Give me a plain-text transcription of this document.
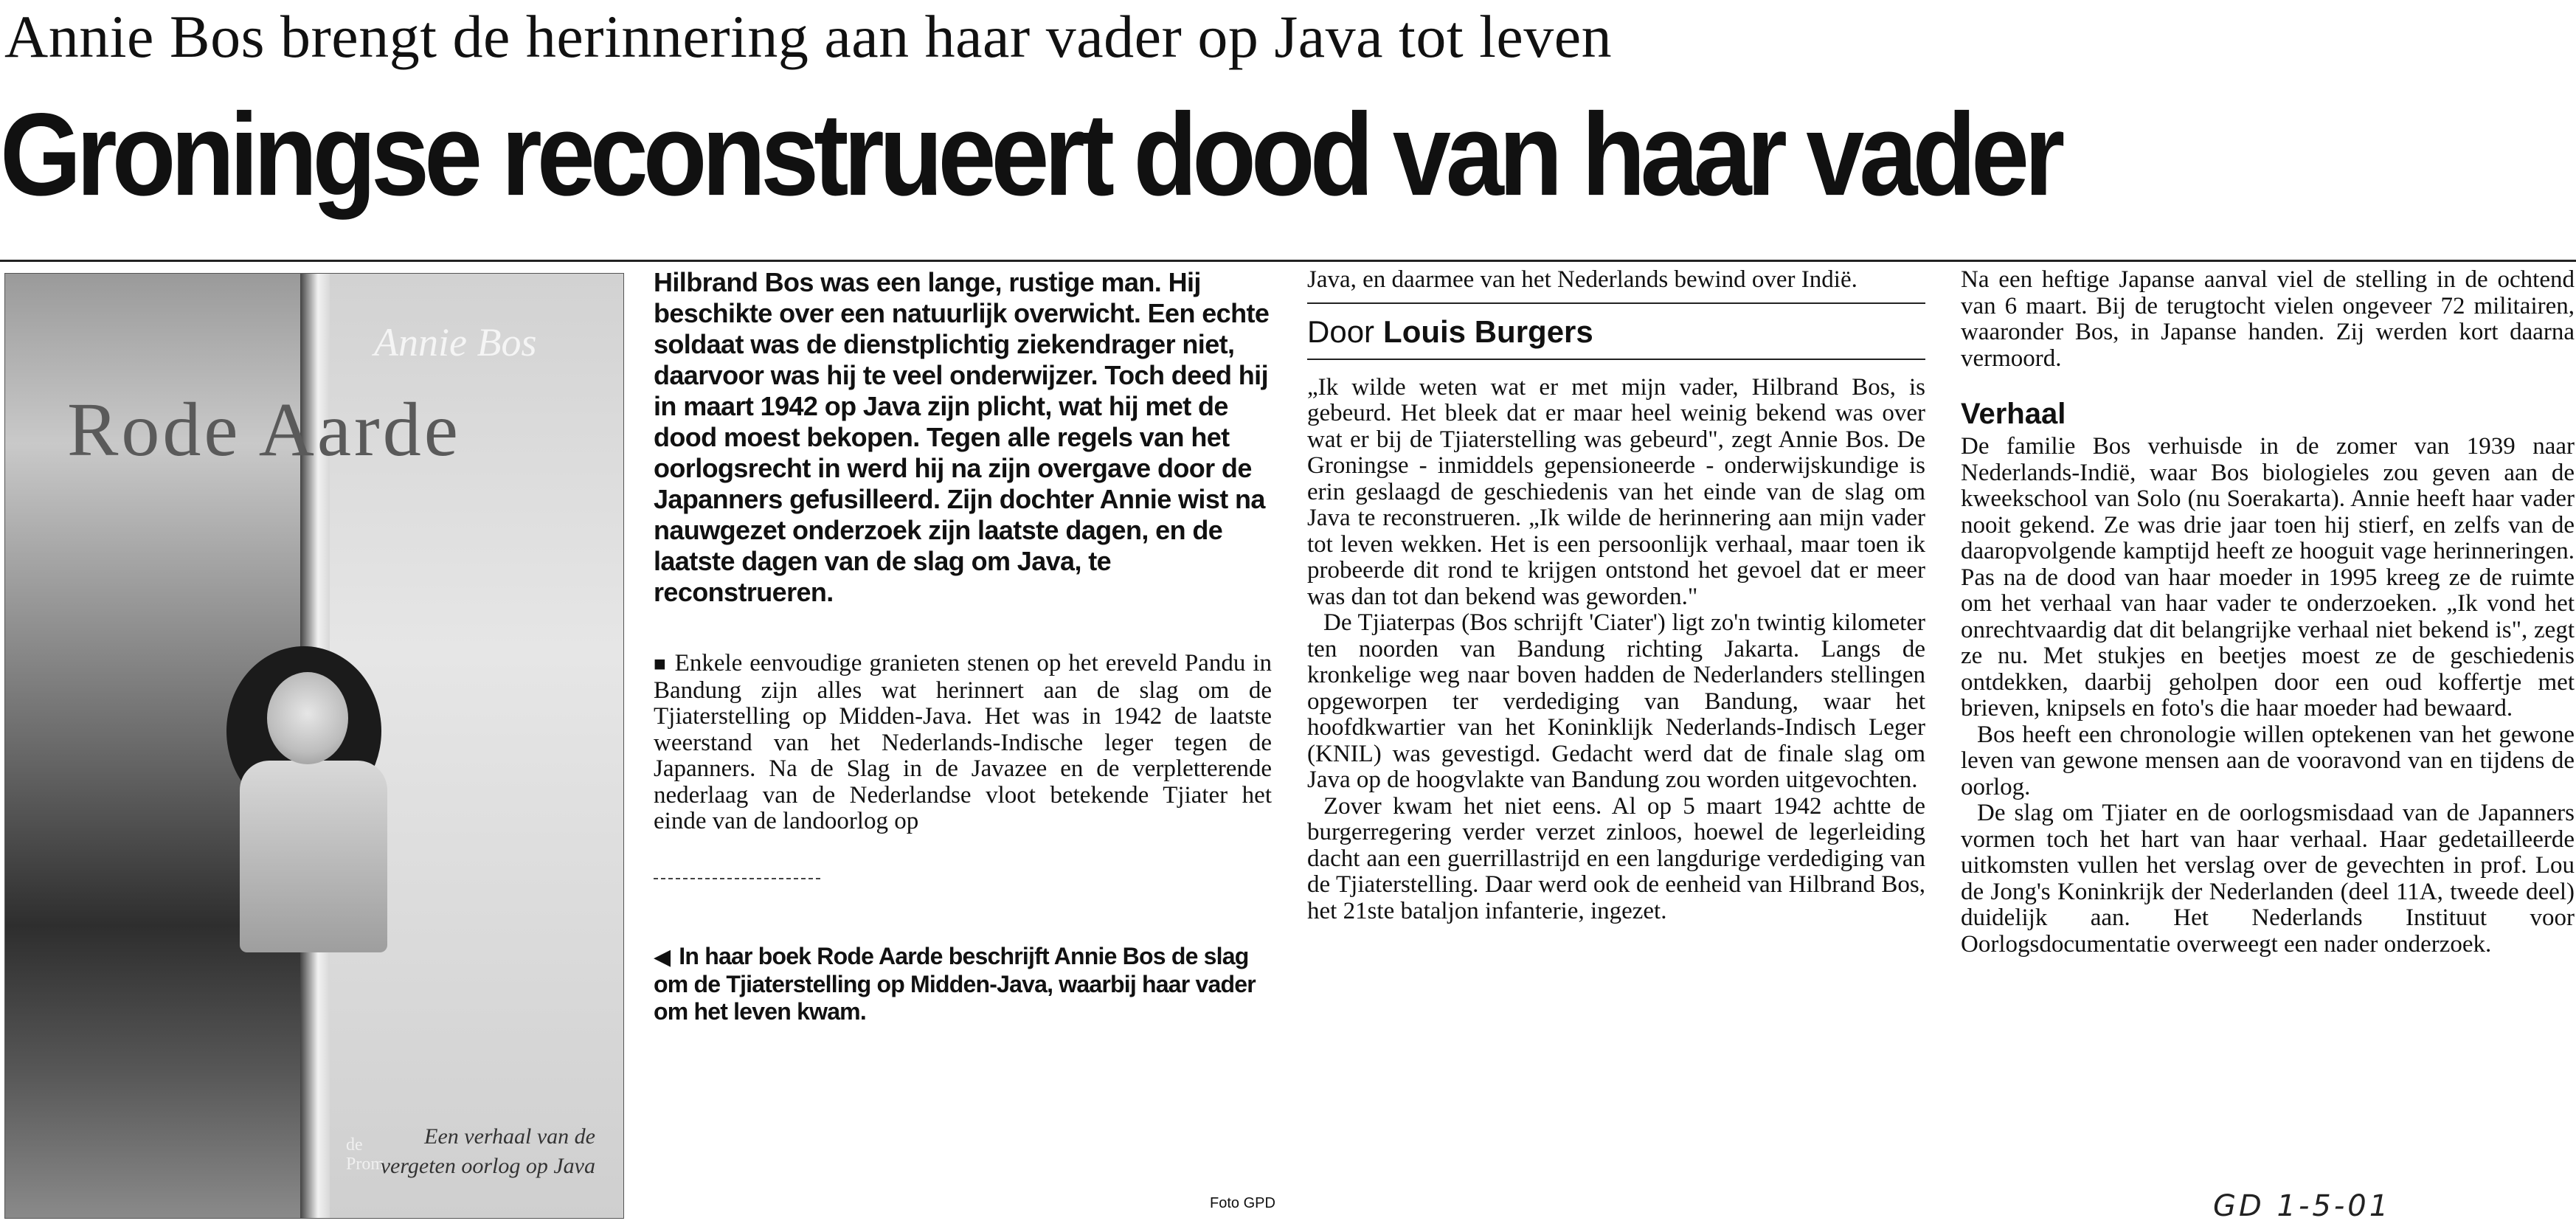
Annie Bos brengt de herinnering aan haar vader op Java tot leven
Groningse reconstrueert dood van haar vader
Annie Bos
Rode Aarde
de Prom
Een verhaal van de vergeten oorlog op Java
Hilbrand Bos was een lange, rustige man. Hij beschikte over een natuurlijk overwicht. Een echte soldaat was de dienstplichtig ziekendrager niet, daarvoor was hij te veel onderwijzer. Toch deed hij in maart 1942 op Java zijn plicht, wat hij met de dood moest bekopen. Tegen alle regels van het oorlogsrecht in werd hij na zijn overgave door de Japanners gefusilleerd. Zijn dochter Annie wist na nauwgezet onderzoek zijn laatste dagen, en de laatste dagen van de slag om Java, te reconstrueren.

■ Enkele eenvoudige granieten stenen op het ereveld Pandu in Bandung zijn alles wat herinnert aan de slag om de Tjiaterstelling op Midden-Java. Het was in 1942 de laatste weerstand van het Nederlands-Indische leger tegen de Japanners. Na de Slag in de Javazee en de verpletterende nederlaag van de Nederlandse vloot betekende Tjiater het einde van de landoorlog op

◀ In haar boek Rode Aarde beschrijft Annie Bos de slag om de Tjiaterstelling op Midden-Java, waarbij haar vader om het leven kwam.
Foto GPD

Java, en daarmee van het Nederlands bewind over Indië.

Door Louis Burgers

„Ik wilde weten wat er met mijn vader, Hilbrand Bos, is gebeurd. Het bleek dat er maar heel weinig bekend was over wat er bij de Tjiaterstelling was gebeurd", zegt Annie Bos. De Groningse - inmiddels gepensioneerde - onderwijskundige is erin geslaagd de geschiedenis van het einde van de slag om Java te reconstrueren. „Ik wilde de herinnering aan mijn vader tot leven wekken. Het is een persoonlijk verhaal, maar toen ik probeerde dit rond te krijgen ontstond het gevoel dat er meer was dan tot dan bekend was geworden."

De Tjiaterpas (Bos schrijft 'Ciater') ligt zo'n twintig kilometer ten noorden van Bandung richting Jakarta. Langs de kronkelige weg naar boven hadden de Nederlanders stellingen opgeworpen ter verdediging van Bandung, waar het hoofdkwartier van het Koninklijk Nederlands-Indisch Leger (KNIL) was gevestigd. Gedacht werd dat de finale slag om Java op de hoogvlakte van Bandung zou worden uitgevochten.

Zover kwam het niet eens. Al op 5 maart 1942 achtte de burgerregering verder verzet zinloos, hoewel de legerleiding dacht aan een guerrillastrijd en een langdurige verdediging van de Tjiaterstelling. Daar werd ook de eenheid van Hilbrand Bos, het 21ste bataljon infanterie, ingezet.

Na een heftige Japanse aanval viel de stelling in de ochtend van 6 maart. Bij de terugtocht vielen ongeveer 72 militairen, waaronder Bos, in Japanse handen. Zij werden kort daarna vermoord.

Verhaal

De familie Bos verhuisde in de zomer van 1939 naar Nederlands-Indië, waar Bos biologieles zou geven aan de kweekschool van Solo (nu Soerakarta). Annie heeft haar vader nooit gekend. Ze was drie jaar toen hij stierf, en zelfs van de daaropvolgende kamptijd heeft ze hooguit vage herinneringen. Pas na de dood van haar moeder in 1995 kreeg ze de ruimte om het verhaal van haar vader te onderzoeken. „Ik vond het onrechtvaardig dat dit belangrijke verhaal niet bekend is", zegt ze nu. Met stukjes en beetjes moest ze de geschiedenis ontdekken, daarbij geholpen door een oud koffertje met brieven, knipsels en foto's die haar moeder had bewaard.

Bos heeft een chronologie willen optekenen van het gewone leven van gewone mensen aan de vooravond van en tijdens de oorlog.

De slag om Tjiater en de oorlogsmisdaad van de Japanners vormen toch het hart van haar verhaal. Haar gedetailleerde uitkomsten vullen het verslag over de gevechten in prof. Lou de Jong's Koninkrijk der Nederlanden (deel 11A, tweede deel) duidelijk aan. Het Nederlands Instituut voor Oorlogsdocumentatie overweegt een nader onderzoek.

GD 1-5-01
